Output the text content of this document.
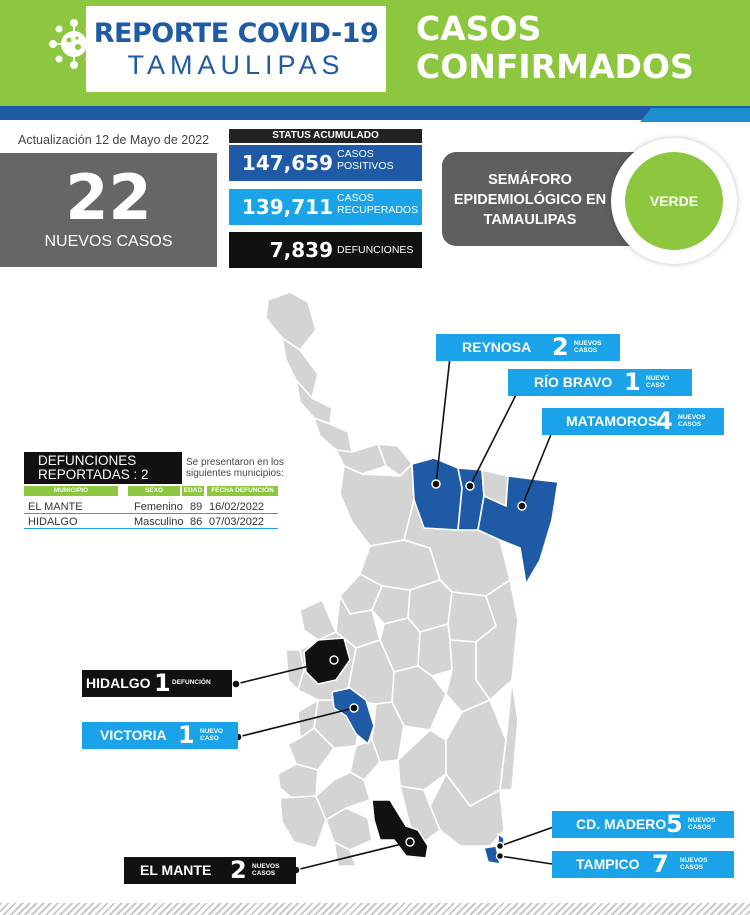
REPORTE COVID-19
TAMAULIPAS
CASOS
CONFIRMADOS
Actualización 12 de Mayo de 2022
22
NUEVOS CASOS
STATUS ACUMULADO
147,659 CASOS POSITIVOS
139,711 CASOS RECUPERADOS
7,839 DEFUNCIONES
SEMÁFORO EPIDEMIOLÓGICO EN TAMAULIPAS
VERDE
DEFUNCIONES REPORTADAS : 2
Se presentaron en los siguientes municipios:
MUNICIPIO	SEXO	EDAD	FECHA DEFUNCIÓN
EL MANTE	Femenino 89 16/02/2022
HIDALGO	Masculino 86 07/03/2022
REYNOSA 2 NUEVOS CASOS
RÍO BRAVO 1 NUEVO CASO
MATAMOROS
4 NUEVOS CASOS
HIDALGO 1 DEFUNCIÓN
VICTORIA 1 NUEVO CASO
CD. MADERO 5 NUEVOS CASOS
TAMPICO 7 NUEVOS CASOS
EL MANTE 2 NUEVOS CASOS
